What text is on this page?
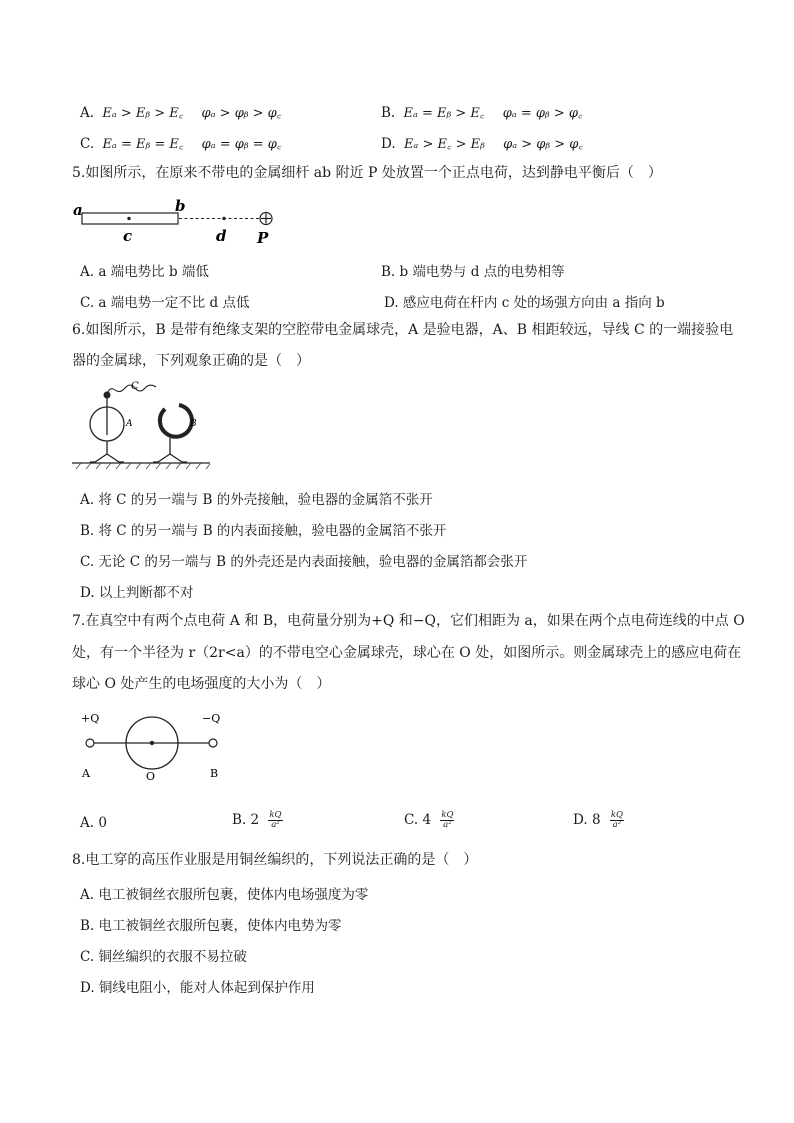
A. Eₐ > Eᵦ > E꜀ φₐ > φᵦ > φ꜀	B. Eₐ = Eᵦ > E꜀ φₐ = φᵦ > φ꜀
C. Eₐ = Eᵦ = E꜀ φₐ = φᵦ = φ꜀	D. Eₐ > E꜀ > Eᵦ φₐ > φᵦ > φ꜀
5.如图所示，在原来不带电的金属细杆 ab 附近 P 处放置一个正点电荷，达到静电平衡后（　）
a	b
c	d P
A. a 端电势比 b 端低	B. b 端电势与 d 点的电势相等
C. a 端电势一定不比 d 点低	D. 感应电荷在杆内 c 处的场强方向由 a 指向 b
6.如图所示，B 是带有绝缘支架的空腔带电金属球壳，A 是验电器，A、B 相距较远，导线 C 的一端接验电
器的金属球，下列观象正确的是（　）
C
A	B
A. 将 C 的另一端与 B 的外壳接触，验电器的金属箔不张开
B. 将 C 的另一端与 B 的内表面接触，验电器的金属箔不张开
C. 无论 C 的另一端与 B 的外壳还是内表面接触，验电器的金属箔都会张开
D. 以上判断都不对
7.在真空中有两个点电荷 A 和 B，电荷量分别为+Q 和−Q，它们相距为 a，如果在两个点电荷连线的中点 O
处，有一个半径为 r（2r<a）的不带电空心金属球壳，球心在 O 处，如图所示。则金属球壳上的感应电荷在
球心 O 处产生的电场强度的大小为（　）
+Q	−Q
A	O	B
A. 0	B. $2 \frac{kQ}{\text{a²}}$	C. $4 \frac{kQ}{\text{a²}}$	D. $8 \frac{kQ}{\text{a²}}$
8.电工穿的高压作业服是用铜丝编织的，下列说法正确的是（　）
A. 电工被铜丝衣服所包裹，使体内电场强度为零
B. 电工被铜丝衣服所包裹，使体内电势为零
C. 铜丝编织的衣服不易拉破
D. 铜线电阻小，能对人体起到保护作用
